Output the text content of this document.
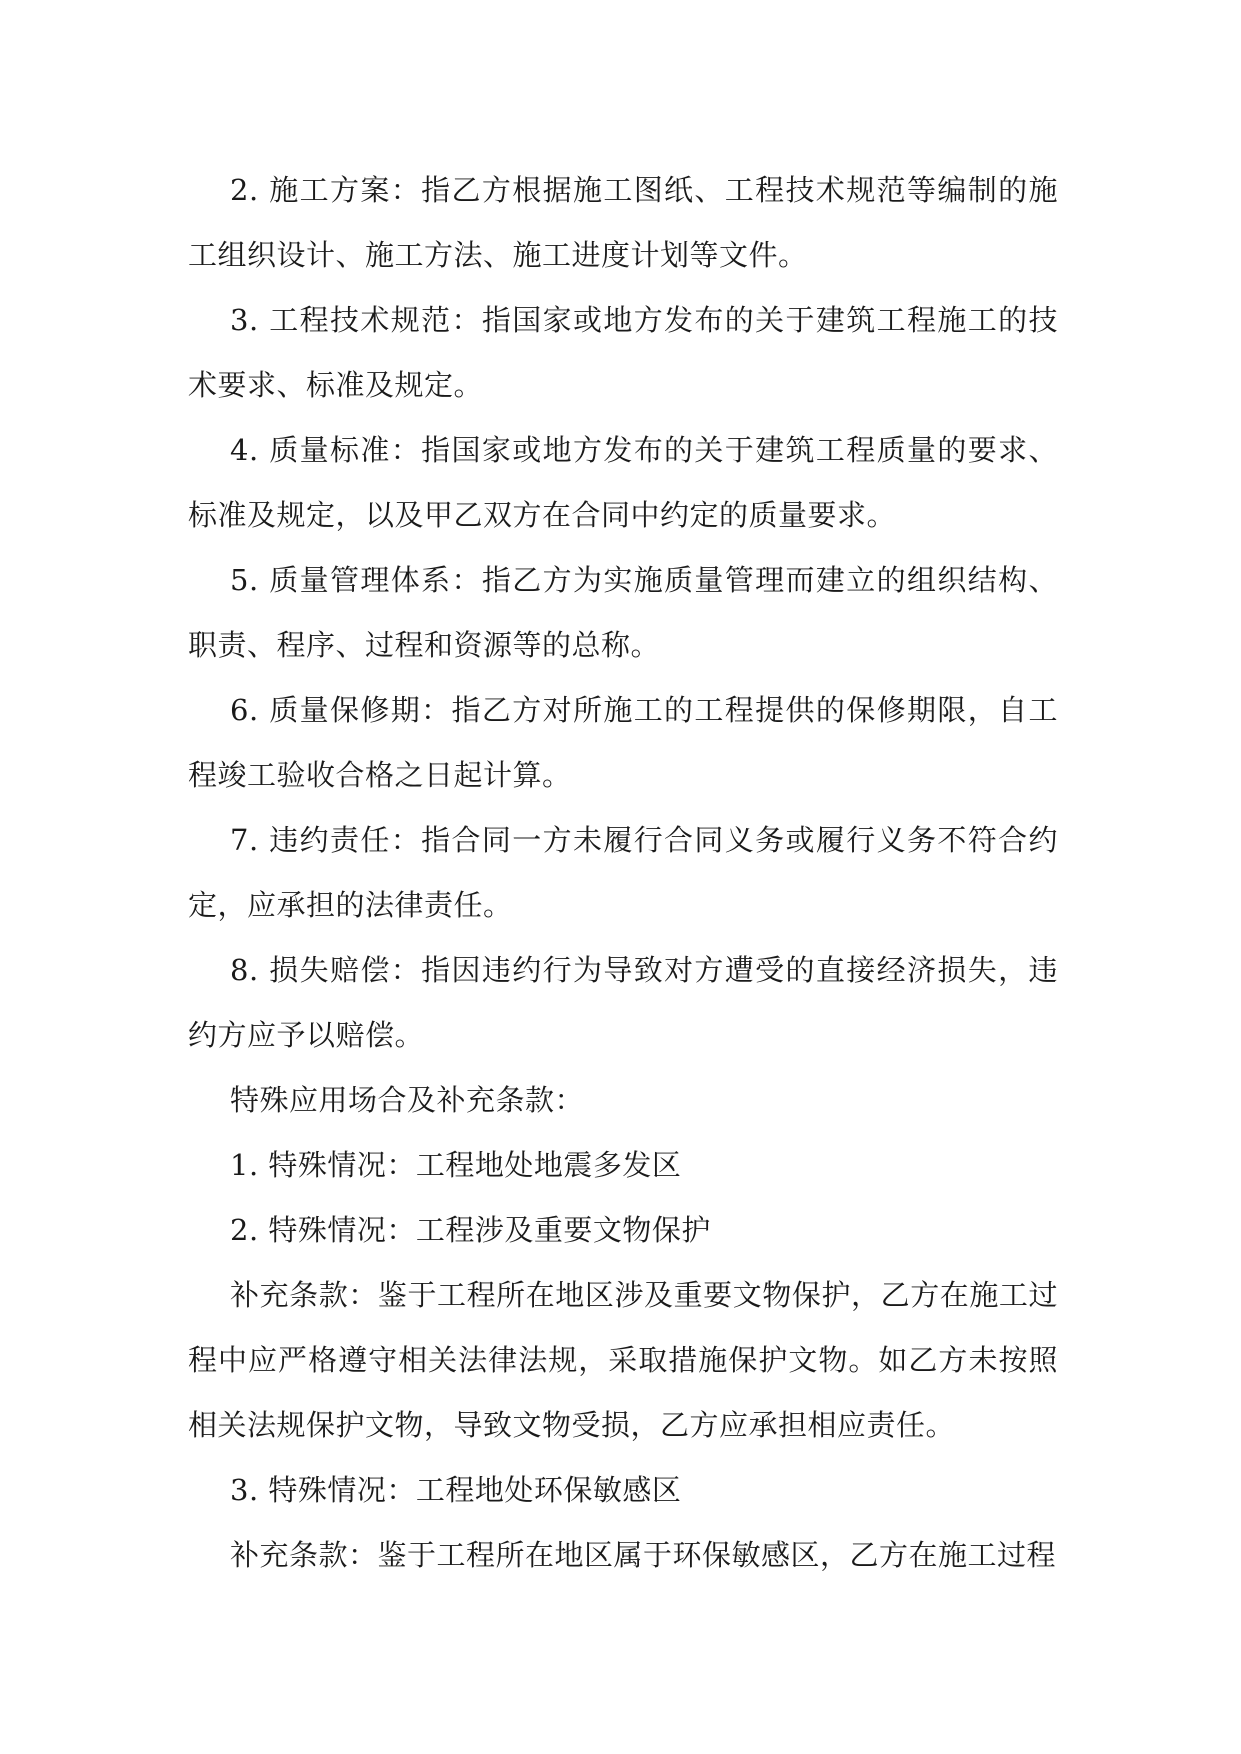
2. 施工方案：指乙方根据施工图纸、工程技术规范等编制的施工组织设计、施工方法、施工进度计划等文件。

3. 工程技术规范：指国家或地方发布的关于建筑工程施工的技术要求、标准及规定。

4. 质量标准：指国家或地方发布的关于建筑工程质量的要求、标准及规定，以及甲乙双方在合同中约定的质量要求。

5. 质量管理体系：指乙方为实施质量管理而建立的组织结构、职责、程序、过程和资源等的总称。

6. 质量保修期：指乙方对所施工的工程提供的保修期限，自工程竣工验收合格之日起计算。

7. 违约责任：指合同一方未履行合同义务或履行义务不符合约定，应承担的法律责任。

8. 损失赔偿：指因违约行为导致对方遭受的直接经济损失，违约方应予以赔偿。

特殊应用场合及补充条款：

1. 特殊情况：工程地处地震多发区

2. 特殊情况：工程涉及重要文物保护

补充条款：鉴于工程所在地区涉及重要文物保护，乙方在施工过程中应严格遵守相关法律法规，采取措施保护文物。如乙方未按照相关法规保护文物，导致文物受损，乙方应承担相应责任。

3. 特殊情况：工程地处环保敏感区

补充条款：鉴于工程所在地区属于环保敏感区，乙方在施工过程
